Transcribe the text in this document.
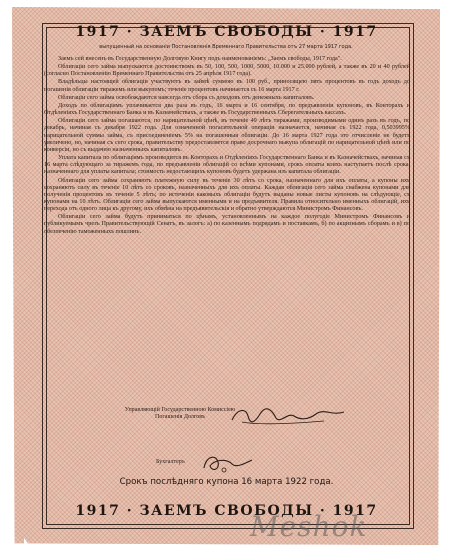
1917 · ЗАЕМЪ СВОБОДЫ · 1917
выпущенный на основаніи Постановленія Временнаго Правительства отъ 27 марта 1917 года.

Заемъ сей внесенъ въ Государственную Долговую Книгу подъ наименованіемъ: „Заемъ свободы, 1917 года".

Облигаціи сего займа выпускаются достоинствомъ въ 50, 100, 500, 1000, 5000, 10.000 и 25.000 рублей, а также въ 20 и 40 рублей (согласно Постановленію Временнаго Правительства отъ 25 апрѣля 1917 года).

Владѣльцы настоящей облигаціи участвуютъ въ займѣ суммою въ 100 руб., приносящею пять процентовъ въ годъ доходъ до погашенія облигаціи тиражемъ или выкупомъ; теченіе процентовъ начинается съ 16 марта 1917 г.

Облигаціи сего займа освобождаются навсегда отъ сбора съ доходовъ отъ денежныхъ капиталовъ.

Доходъ по облигаціямъ уплачивается два раза въ годъ, 16 марта и 16 сентября, по предъявленіи купоновъ, въ Конторахъ и Отдѣленіяхъ Государственнаго Банка и въ Казначействахъ, а также въ Государственныхъ Сберегательныхъ кассахъ.

Облигаціи сего займа погашаются, по нарицательной цѣнѣ, въ теченіе 49 лѣтъ тиражами, производимыми одинъ разъ въ годъ, по декабрь, начиная съ декабря 1922 года. Для означенной погасительной операціи назначается, начиная съ 1922 года, 0,503995% нарицательной суммы займа, съ присоединеніемъ 5% на погашенныя облигаціи. До 16 марта 1927 года это отчисленіе не будетъ увеличено, но, начиная съ сего срока, правительству предоставляется право досрочнаго выкупа облигацій по нарицательной цѣнѣ или по конверсіи, но съ выдачею назначенныхъ капиталовъ.

Уплата капитала по облигаціямъ производится въ Конторахъ и Отдѣленіяхъ Государственнаго Банка и въ Казначействахъ, начиная съ 16 марта слѣдующаго за тиражемъ года, по предъявленіи облигацій со всѣми купонами, срокъ оплаты коихъ наступаетъ послѣ срока, назначеннаго для уплаты капитала; стоимость недостающихъ купоновъ будетъ удержана изъ капитала облигаціи.

Облигаціи сего займа сохраняютъ платежную силу въ теченіе 30 лѣтъ со срока, назначеннаго для ихъ оплаты, а купоны ихъ сохраняютъ силу въ теченіе 10 лѣтъ со сроковъ, назначенныхъ для ихъ оплаты. Каждая облигація сего займа снабжена купонами для полученія процентовъ въ теченіе 5 лѣтъ; по истеченіи каковыхъ облигаціи будутъ выданы новые листы купоновъ на слѣдующіе, съ купонами на 10 лѣтъ. Облигаціи сего займа выпускаются именными и на предъявителя. Правила относительно именныхъ облигацій, ихъ перехода отъ одного лица къ другому, ихъ обмѣна на предъявительскія и обратно утверждаются Министромъ Финансовъ.

Облигаціи сего займа будутъ приниматься по цѣнамъ, установленнымъ на каждое полугодіе Министромъ Финансовъ и публикуемымъ чрезъ Правительствующій Сенатъ, въ залогъ: а) по казеннымъ подрядамъ и поставкамъ, б) по акцизнымъ сборамъ и в) по обезпеченію таможенныхъ пошлинъ.

Управляющій Государственною Комиссіею Погашенія Долговъ
Бухгалтеръ
Срокъ послѣдняго купона 16 марта 1922 года.
1917 · ЗАЕМЪ СВОБОДЫ · 1917
Meshok
